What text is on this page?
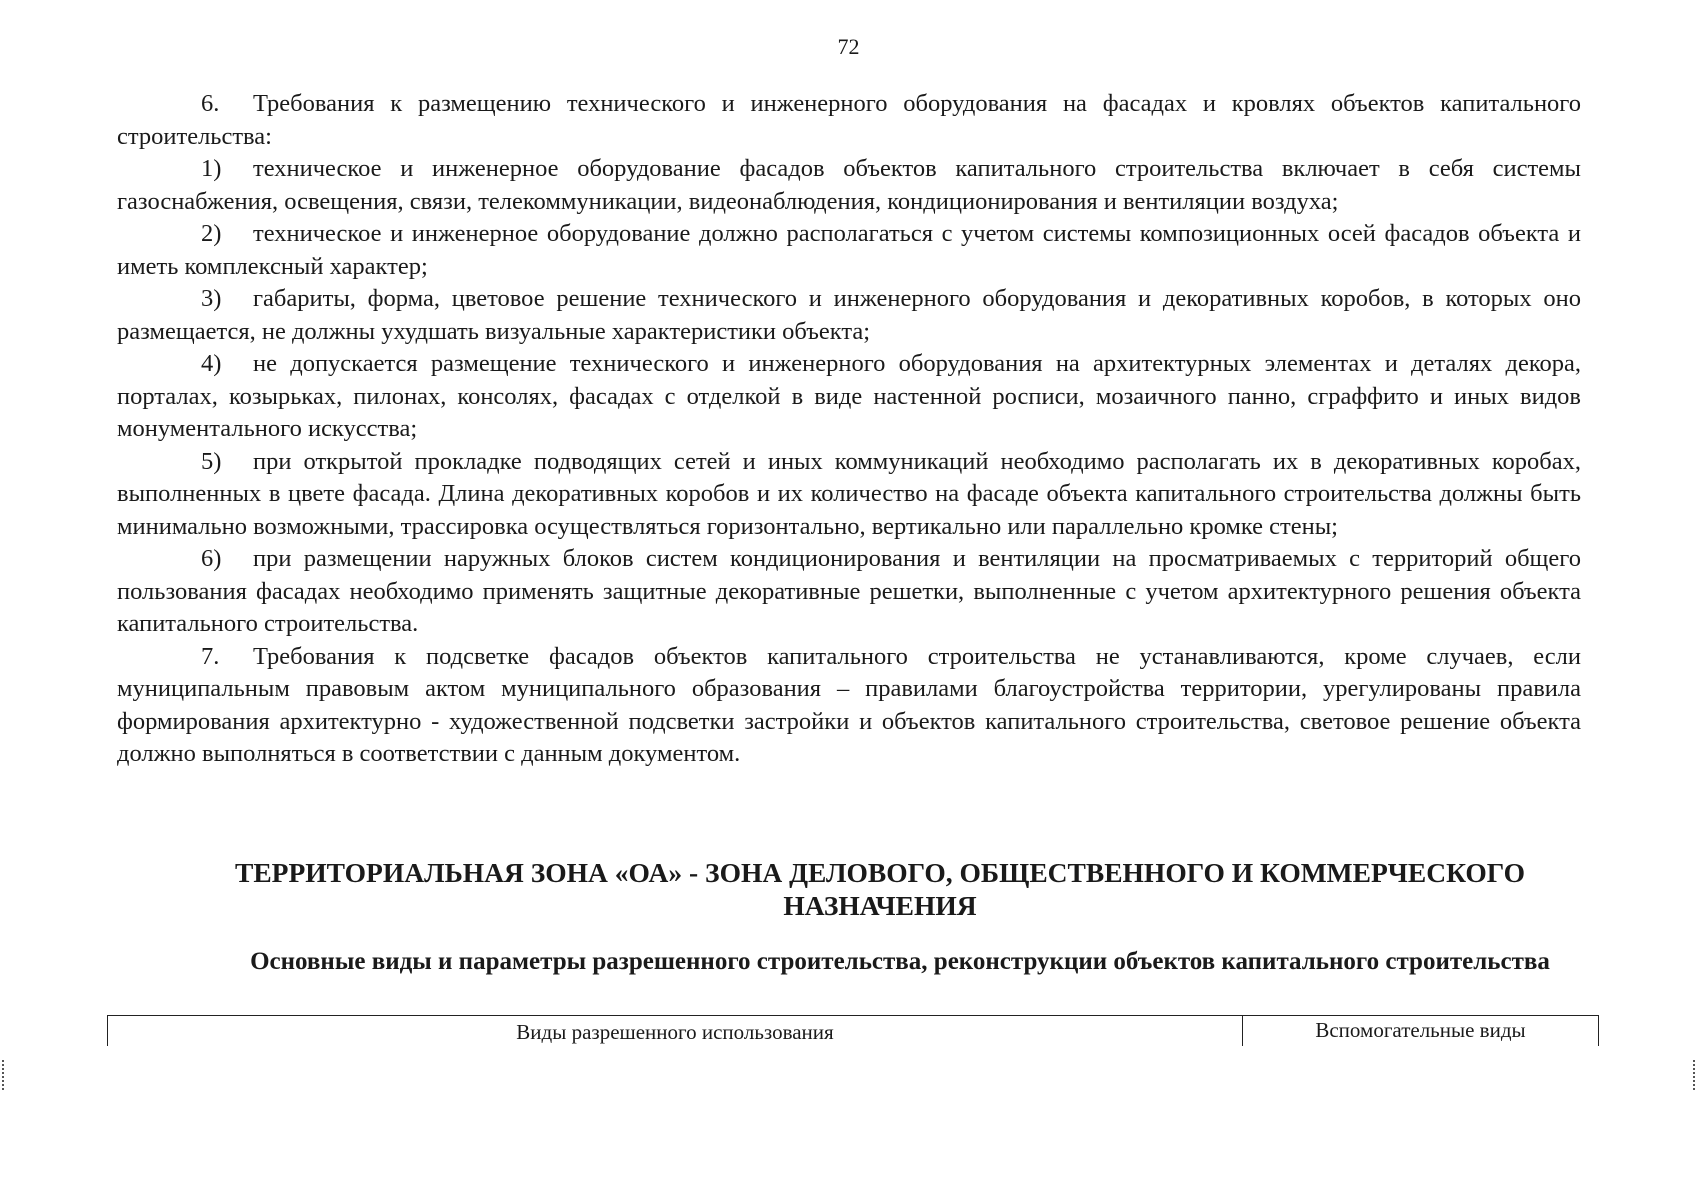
72

6. Требования к размещению технического и инженерного оборудования на фасадах и кровлях объектов капитального строительства:

1) техническое и инженерное оборудование фасадов объектов капитального строительства включает в себя системы газоснабжения, освещения, связи, телекоммуникации, видеонаблюдения, кондиционирования и вентиляции воздуха;

2) техническое и инженерное оборудование должно располагаться с учетом системы композиционных осей фасадов объекта и иметь комплексный характер;

3) габариты, форма, цветовое решение технического и инженерного оборудования и декоративных коробов, в которых оно размещается, не должны ухудшать визуальные характеристики объекта;

4) не допускается размещение технического и инженерного оборудования на архитектурных элементах и деталях декора, порталах, козырьках, пилонах, консолях, фасадах с отделкой в виде настенной росписи, мозаичного панно, сграффито и иных видов монументального искусства;

5) при открытой прокладке подводящих сетей и иных коммуникаций необходимо располагать их в декоративных коробах, выполненных в цвете фасада. Длина декоративных коробов и их количество на фасаде объекта капитального строительства должны быть минимально возможными, трассировка осуществляться горизонтально, вертикально или параллельно кромке стены;

6) при размещении наружных блоков систем кондиционирования и вентиляции на просматриваемых с территорий общего пользования фасадах необходимо применять защитные декоративные решетки, выполненные с учетом архитектурного решения объекта капитального строительства.

7. Требования к подсветке фасадов объектов капитального строительства не устанавливаются, кроме случаев, если муниципальным правовым актом муниципального образования – правилами благоустройства территории, урегулированы правила формирования архитектурно - художественной подсветки застройки и объектов капитального строительства, световое решение объекта должно выполняться в соответствии с данным документом.

ТЕРРИТОРИАЛЬНАЯ ЗОНА «ОА» - ЗОНА ДЕЛОВОГО, ОБЩЕСТВЕННОГО И КОММЕРЧЕСКОГО НАЗНАЧЕНИЯ
Основные виды и параметры разрешенного строительства, реконструкции объектов капитального строительства
Виды разрешенного использования	Вспомогательные виды
